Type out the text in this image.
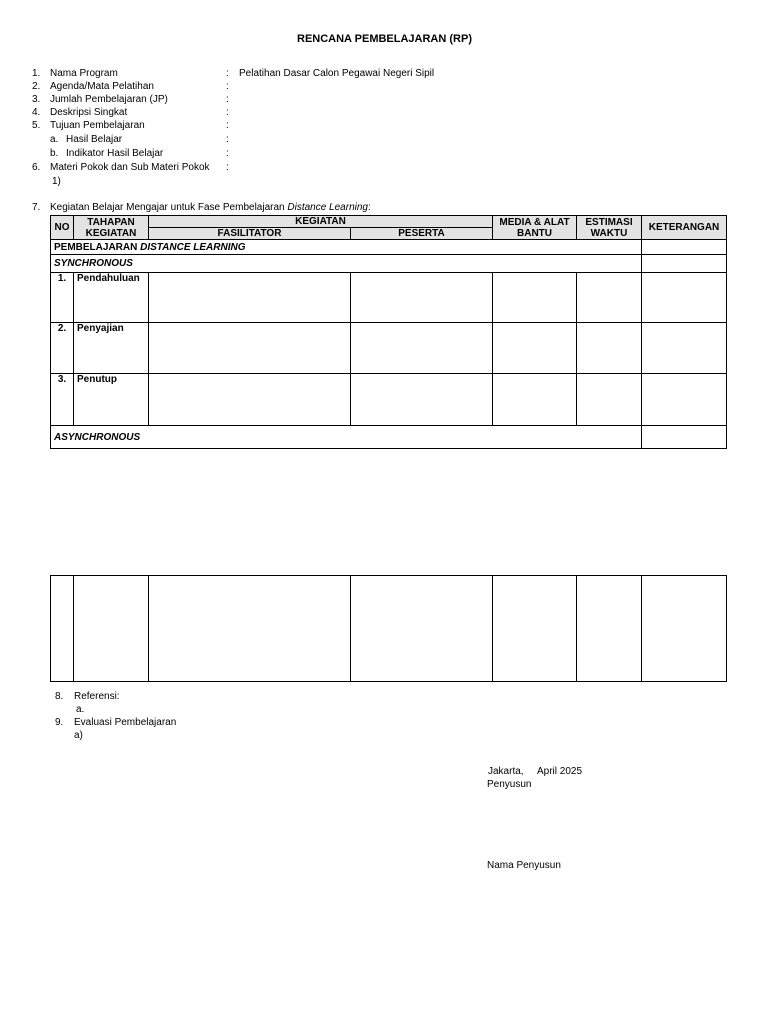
RENCANA PEMBELAJARAN (RP)
1. Nama Program	: Pelatihan Dasar Calon Pegawai Negeri Sipil
2. Agenda/Mata Pelatihan	:
3. Jumlah Pembelajaran (JP)	:
4. Deskripsi Singkat	:
5. Tujuan Pembelajaran	:
a. Hasil Belajar	:
b. Indikator Hasil Belajar	:
6. Materi Pokok dan Sub Materi Pokok :
1)
7. Kegiatan Belajar Mengajar untuk Fase Pembelajaran Distance Learning:
NO	TAHAPAN KEGIATAN	KEGIATAN		MEDIA & ALAT BANTU	ESTIMASI WAKTU	KETERANGAN
		FASILITATOR	PESERTA			
PEMBELAJARAN DISTANCE LEARNING						
SYNCHRONOUS						
1.	Pendahuluan					
2.	Penyajian					
3.	Penutup					
ASYNCHRONOUS						

8. Referensi:
a.
9. Evaluasi Pembelajaran
a)
Jakarta, April 2025
Penyusun
Nama Penyusun
